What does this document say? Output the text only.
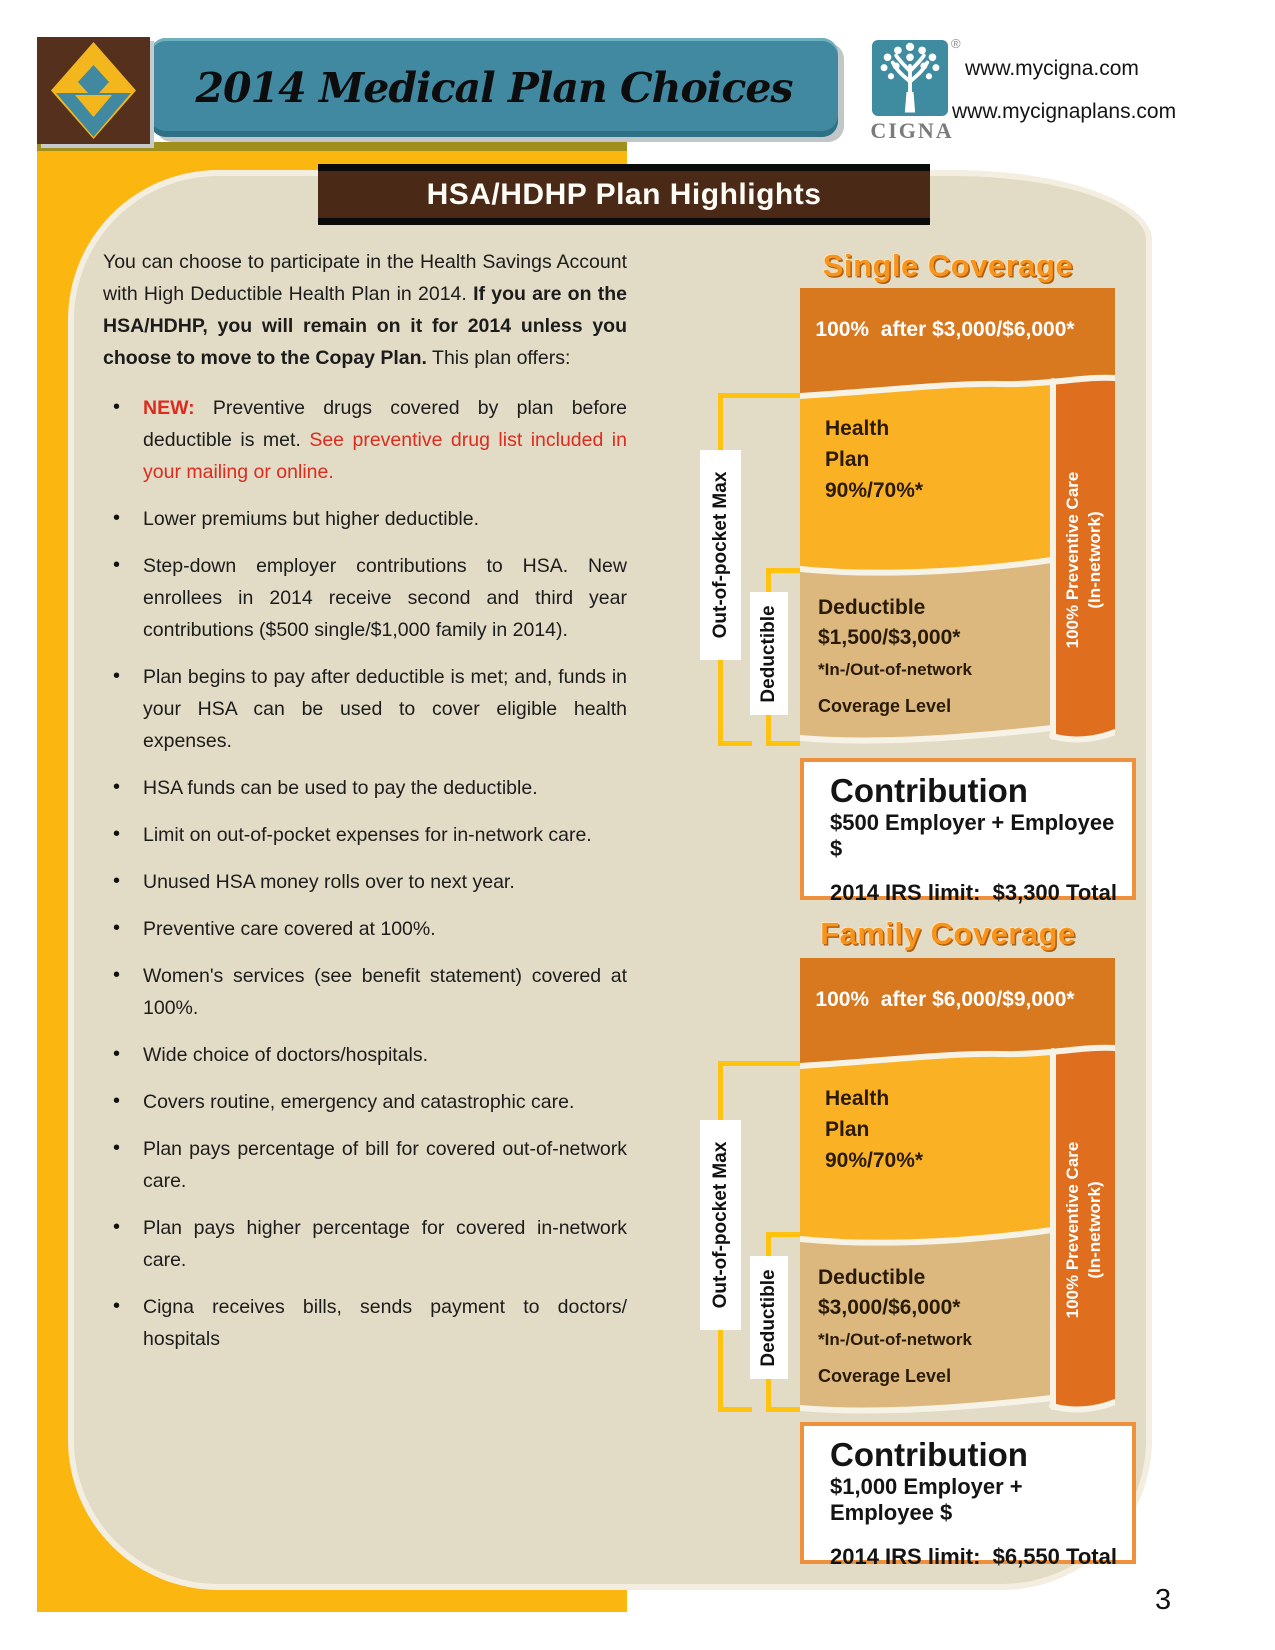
2014 Medical Plan Choices
®
CIGNA
www.mycigna.com
www.mycignaplans.com
HSA/HDHP Plan Highlights

You can choose to participate in the Health Savings Account with High Deductible Health Plan in 2014. If you are on the HSA/HDHP, you will remain on it for 2014 unless you choose to move to the Copay Plan. This plan offers:

• NEW: Preventive drugs covered by plan before deductible is met. See preventive drug list included in your mailing or online.
• Lower premiums but higher deductible.
• Step-down employer contributions to HSA. New enrollees in 2014 receive second and third year contributions ($500 single/$1,000 family in 2014).
• Plan begins to pay after deductible is met; and, funds in your HSA can be used to cover eligible health expenses.
• HSA funds can be used to pay the deductible.
• Limit on out-of-pocket expenses for in-network care.
• Unused HSA money rolls over to next year.
• Preventive care covered at 100%.
• Women's services (see benefit statement) covered at 100%.
• Wide choice of doctors/hospitals.
• Covers routine, emergency and catastrophic care.
• Plan pays percentage of bill for covered out-of-network care.
• Plan pays higher percentage for covered in-network care.
• Cigna receives bills, sends payment to doctors/ hospitals
Single Coverage
100%  after $3,000/$6,000*
Health
Plan
90%/70%*
Deductible
$1,500/$3,000*
*In-/Out-of-network
Coverage Level
100% Preventive Care (In-network)
Out-of-pocket Max
Deductible
Contribution
$500 Employer + Employee $
2014 IRS limit:  $3,300 Total
Family Coverage
100%  after $6,000/$9,000*
Health
Plan
90%/70%*
Deductible
$3,000/$6,000*
*In-/Out-of-network
Coverage Level
100% Preventive Care (In-network)
Out-of-pocket Max
Deductible
Contribution
$1,000 Employer + Employee $
2014 IRS limit:  $6,550 Total
3
